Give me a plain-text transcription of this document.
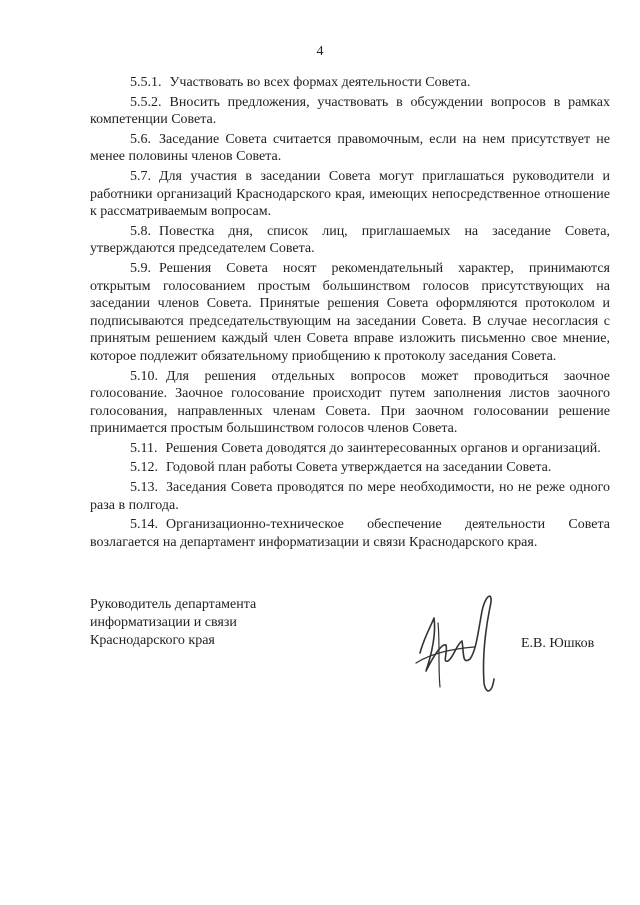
4

5.5.1. Участвовать во всех формах деятельности Совета.

5.5.2. Вносить предложения, участвовать в обсуждении вопросов в рамках компетенции Совета.

5.6. Заседание Совета считается правомочным, если на нем присутствует не менее половины членов Совета.

5.7. Для участия в заседании Совета могут приглашаться руководители и работники организаций Краснодарского края, имеющих непосредственное отношение к рассматриваемым вопросам.

5.8. Повестка дня, список лиц, приглашаемых на заседание Совета, утверждаются председателем Совета.

5.9. Решения Совета носят рекомендательный характер, принимаются открытым голосованием простым большинством голосов присутствующих на заседании членов Совета. Принятые решения Совета оформляются протоколом и подписываются председательствующим на заседании Совета. В случае несогласия с принятым решением каждый член Совета вправе изложить письменно свое мнение, которое подлежит обязательному приобщению к протоколу заседания Совета.

5.10. Для решения отдельных вопросов может проводиться заочное голосование. Заочное голосование происходит путем заполнения листов заочного голосования, направленных членам Совета. При заочном голосовании решение принимается простым большинством голосов членов Совета.

5.11. Решения Совета доводятся до заинтересованных органов и организаций.

5.12. Годовой план работы Совета утверждается на заседании Совета.

5.13. Заседания Совета проводятся по мере необходимости, но не реже одного раза в полгода.

5.14. Организационно-техническое обеспечение деятельности Совета возлагается на департамент информатизации и связи Краснодарского края.

Руководитель департамента
информатизации и связи
Краснодарского края	Е.В. Юшков
